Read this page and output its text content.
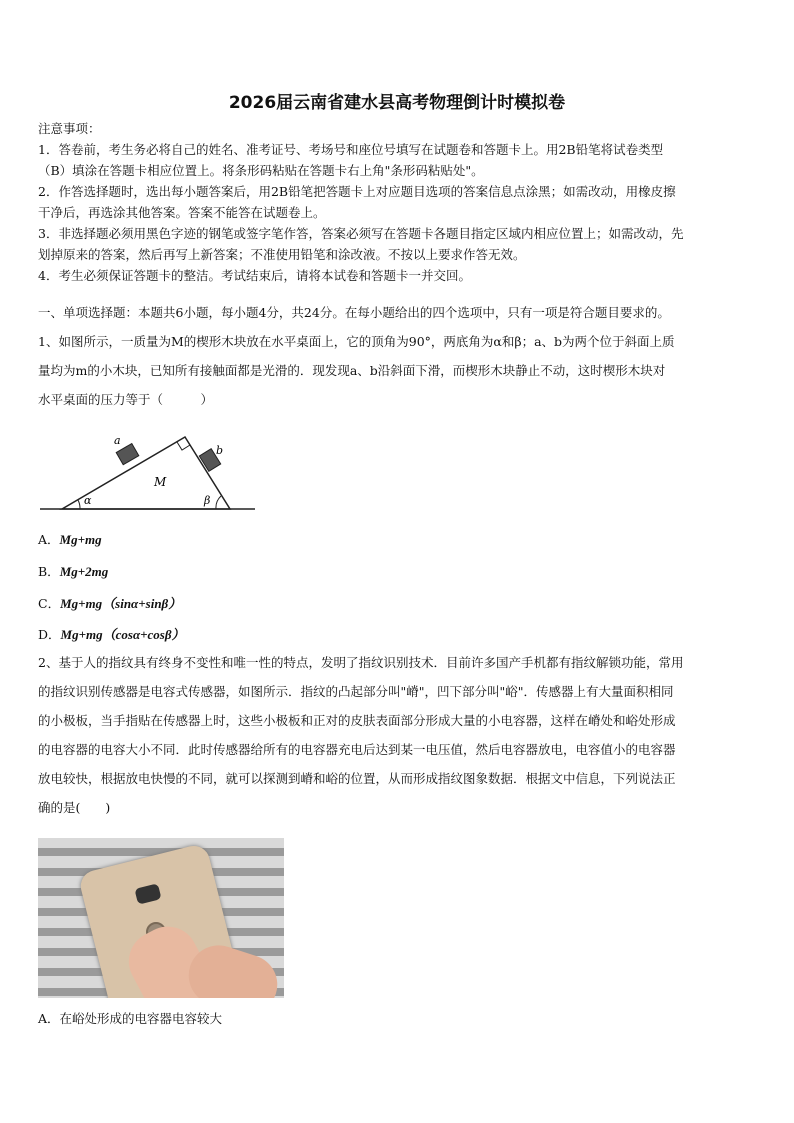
2026届云南省建水县高考物理倒计时模拟卷

注意事项：

1．答卷前，考生务必将自己的姓名、准考证号、考场号和座位号填写在试题卷和答题卡上。用2B铅笔将试卷类型

（B）填涂在答题卡相应位置上。将条形码粘贴在答题卡右上角"条形码粘贴处"。

2．作答选择题时，选出每小题答案后，用2B铅笔把答题卡上对应题目选项的答案信息点涂黑；如需改动，用橡皮擦

干净后，再选涂其他答案。答案不能答在试题卷上。

3．非选择题必须用黑色字迹的钢笔或签字笔作答，答案必须写在答题卡各题目指定区域内相应位置上；如需改动，先

划掉原来的答案，然后再写上新答案；不准使用铅笔和涂改液。不按以上要求作答无效。

4．考生必须保证答题卡的整洁。考试结束后，请将本试卷和答题卡一并交回。

一、单项选择题：本题共6小题，每小题4分，共24分。在每小题给出的四个选项中，只有一项是符合题目要求的。

1、如图所示，一质量为M的楔形木块放在水平桌面上，它的顶角为90°，两底角为α和β；a、b为两个位于斜面上质

量均为m的小木块，已知所有接触面都是光滑的．现发现a、b沿斜面下滑，而楔形木块静止不动，这时楔形木块对

水平桌面的压力等于（　　　）

a
b
M
α	β
A．Mg+mg
B．Mg+2mg
C．Mg+mg（sinα+sinβ）
D．Mg+mg（cosα+cosβ）

2、基于人的指纹具有终身不变性和唯一性的特点，发明了指纹识别技术．目前许多国产手机都有指纹解锁功能，常用

的指纹识别传感器是电容式传感器，如图所示．指纹的凸起部分叫"嵴"，凹下部分叫"峪"．传感器上有大量面积相同

的小极板，当手指贴在传感器上时，这些小极板和正对的皮肤表面部分形成大量的小电容器，这样在嵴处和峪处形成

的电容器的电容大小不同．此时传感器给所有的电容器充电后达到某一电压值，然后电容器放电，电容值小的电容器

放电较快，根据放电快慢的不同，就可以探测到嵴和峪的位置，从而形成指纹图象数据．根据文中信息，下列说法正

确的是(　　)

A．在峪处形成的电容器电容较大
